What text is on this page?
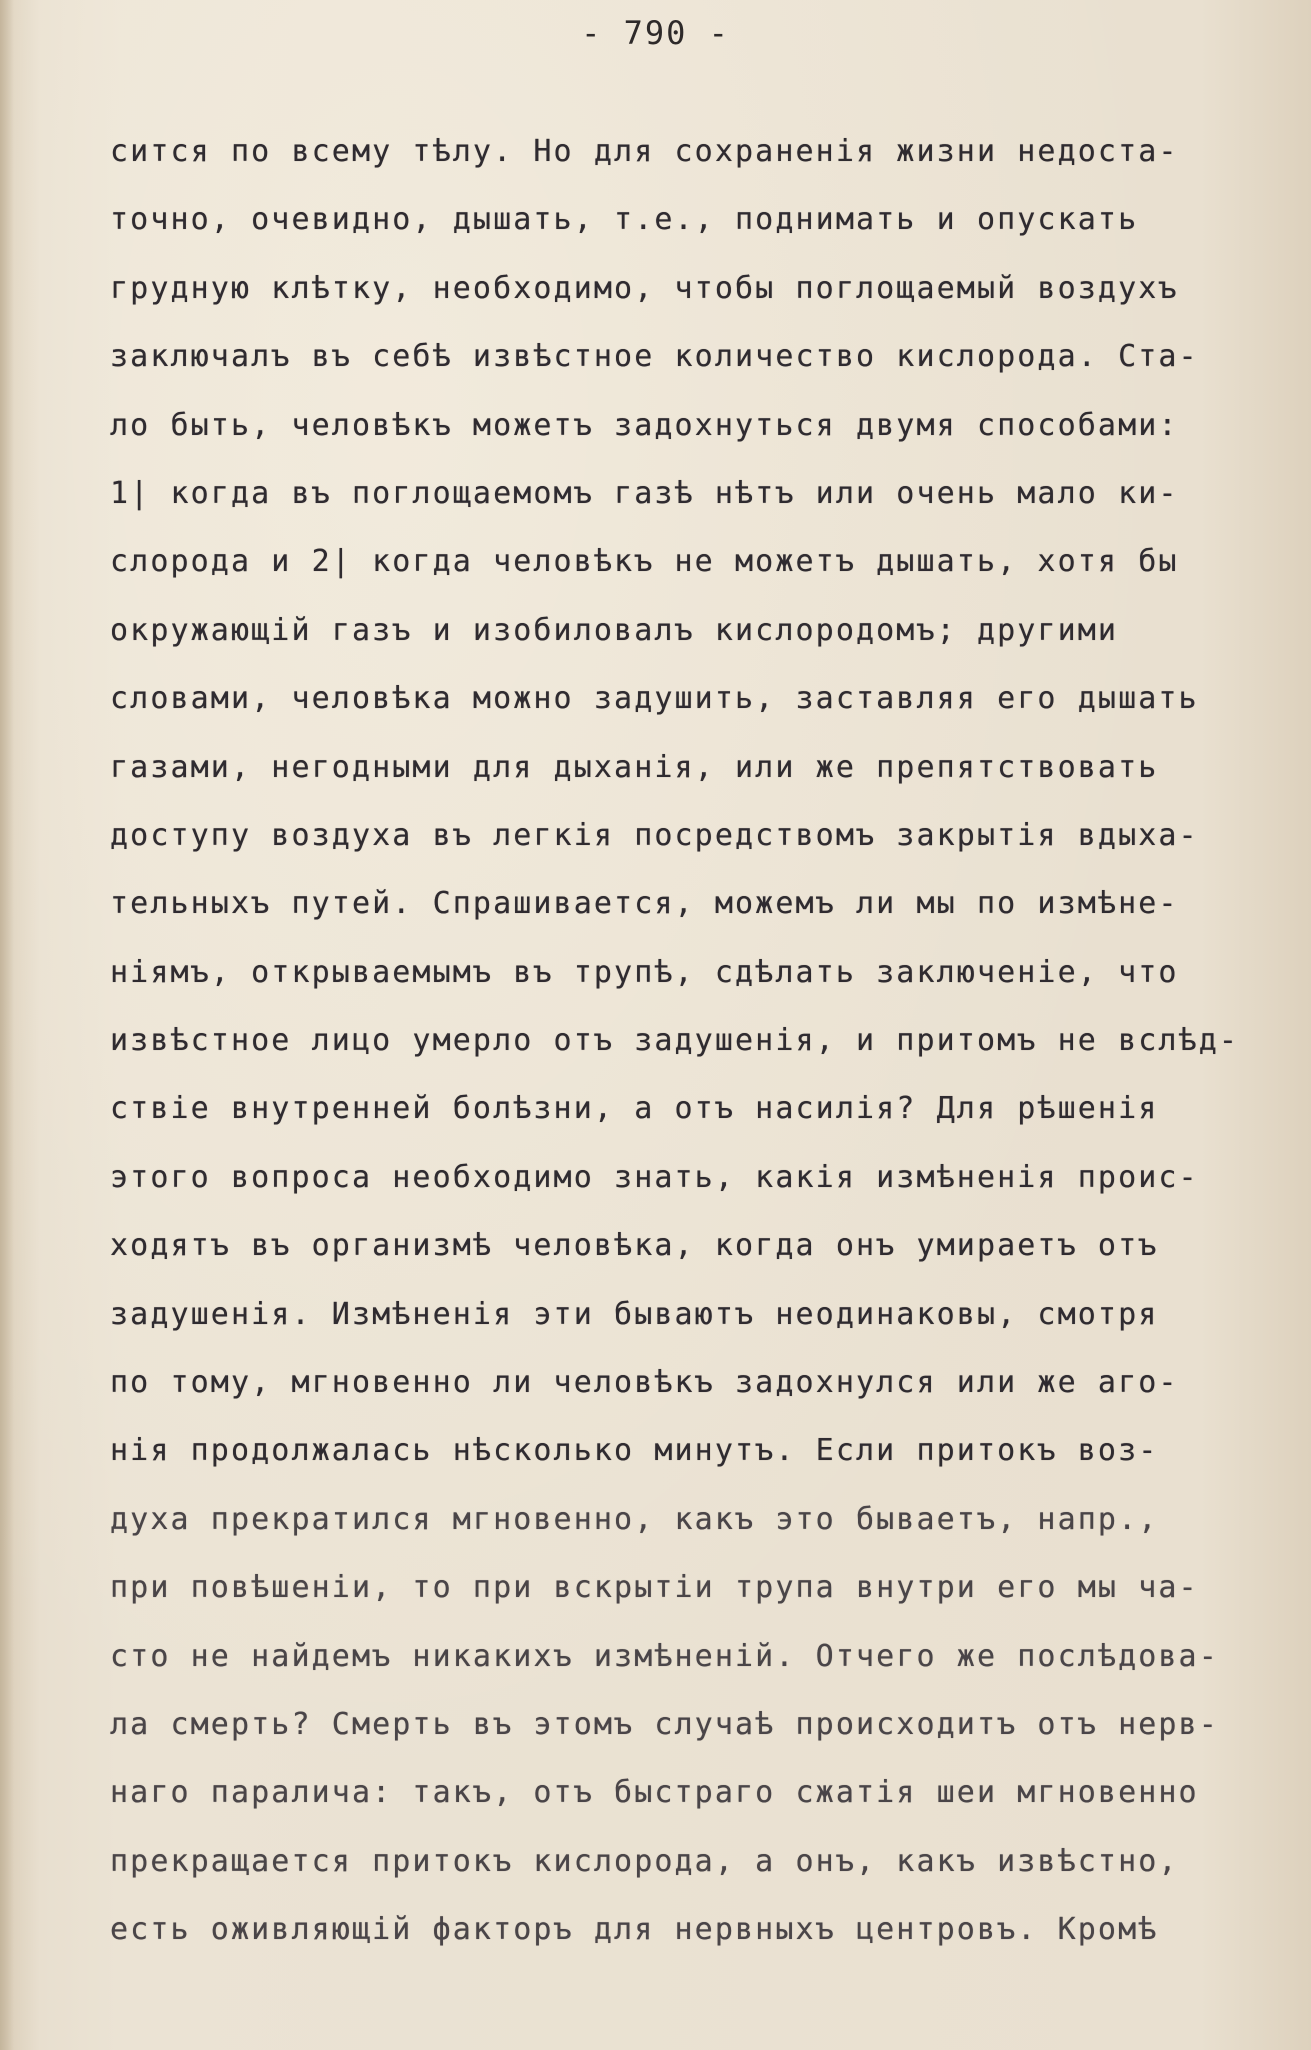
- 790 -
сится по всему тѣлу. Но для сохраненія жизни недоста-
точно, очевидно, дышать, т.е., поднимать и опускать
грудную клѣтку, необходимо, чтобы поглощаемый воздухъ
заключалъ въ себѣ извѣстное количество кислорода. Ста-
ло быть, человѣкъ можетъ задохнуться двумя способами:
1| когда въ поглощаемомъ газѣ нѣтъ или очень мало ки-
слорода и 2| когда человѣкъ не можетъ дышать, хотя бы
окружающій газъ и изобиловалъ кислородомъ; другими
словами, человѣка можно задушить, заставляя его дышать
газами, негодными для дыханія, или же препятствовать
доступу воздуха въ легкія посредствомъ закрытія вдыха-
тельныхъ путей. Спрашивается, можемъ ли мы по измѣне-
ніямъ, открываемымъ въ трупѣ, сдѣлать заключеніе, что
извѣстное лицо умерло отъ задушенія, и притомъ не вслѣд-
ствіе внутренней болѣзни, а отъ насилія? Для рѣшенія
этого вопроса необходимо знать, какія измѣненія проис-
ходятъ въ организмѣ человѣка, когда онъ умираетъ отъ
задушенія. Измѣненія эти бываютъ неодинаковы, смотря
по тому, мгновенно ли человѣкъ задохнулся или же аго-
нія продолжалась нѣсколько минутъ. Если притокъ воз-
духа прекратился мгновенно, какъ это бываетъ, напр.,
при повѣшеніи, то при вскрытіи трупа внутри его мы ча-
сто не найдемъ никакихъ измѣненій. Отчего же послѣдова-
ла смерть? Смерть въ этомъ случаѣ происходитъ отъ нерв-
наго паралича: такъ, отъ быстраго сжатія шеи мгновенно
прекращается притокъ кислорода, а онъ, какъ извѣстно,
есть оживляющій факторъ для нервныхъ центровъ. Кромѣ
